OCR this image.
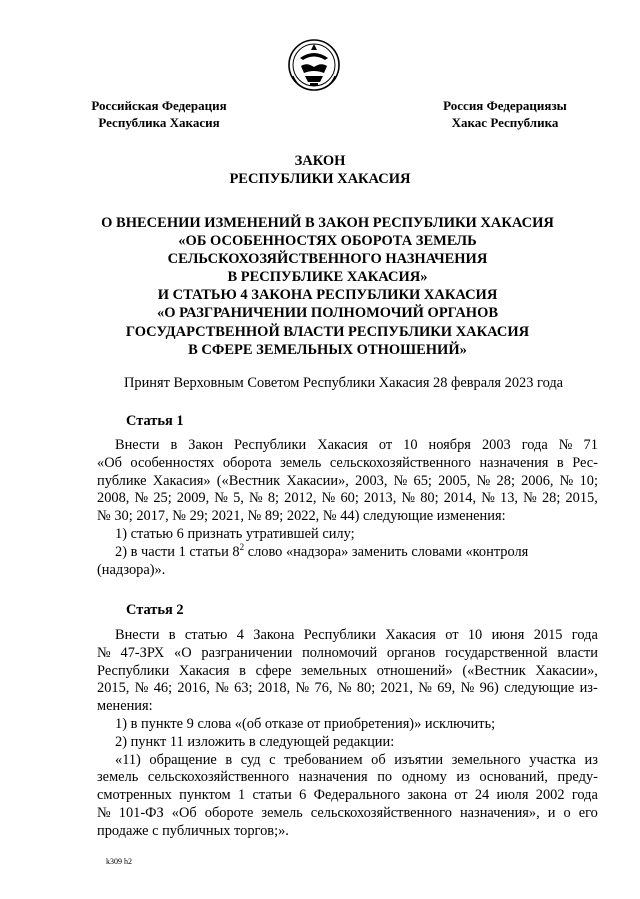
Российская Федерация
Республика Хакасия
Россия Федерациязы
Хакас Республика
ЗАКОН
РЕСПУБЛИКИ ХАКАСИЯ
О ВНЕСЕНИИ ИЗМЕНЕНИЙ В ЗАКОН РЕСПУБЛИКИ ХАКАСИЯ
«ОБ ОСОБЕННОСТЯХ ОБОРОТА ЗЕМЕЛЬ
СЕЛЬСКОХОЗЯЙСТВЕННОГО НАЗНАЧЕНИЯ
В РЕСПУБЛИКЕ ХАКАСИЯ»
И СТАТЬЮ 4 ЗАКОНА РЕСПУБЛИКИ ХАКАСИЯ
«О РАЗГРАНИЧЕНИИ ПОЛНОМОЧИЙ ОРГАНОВ
ГОСУДАРСТВЕННОЙ ВЛАСТИ РЕСПУБЛИКИ ХАКАСИЯ
В СФЕРЕ ЗЕМЕЛЬНЫХ ОТНОШЕНИЙ»
Принят Верховным Советом Республики Хакасия 28 февраля 2023 года
Статья 1
Внести в Закон Республики Хакасия от 10 ноября 2003 года № 71
«Об особенностях оборота земель сельскохозяйственного назначения в Рес-
публике Хакасия» («Вестник Хакасии», 2003, № 65; 2005, № 28; 2006, № 10;
2008, № 25; 2009, № 5, № 8; 2012, № 60; 2013, № 80; 2014, № 13, № 28; 2015,
№ 30; 2017, № 29; 2021, № 89; 2022, № 44) следующие изменения:
1) статью 6 признать утратившей силу;
2) в части 1 статьи $8^2$ слово «надзора» заменить словами «контроля
(надзора)».
Статья 2
Внести в статью 4 Закона Республики Хакасия от 10 июня 2015 года
№ 47-ЗРХ «О разграничении полномочий органов государственной власти
Республики Хакасия в сфере земельных отношений» («Вестник Хакасии»,
2015, № 46; 2016, № 63; 2018, № 76, № 80; 2021, № 69, № 96) следующие из-
менения:
1) в пункте 9 слова «(об отказе от приобретения)» исключить;
2) пункт 11 изложить в следующей редакции:
«11) обращение в суд с требованием об изъятии земельного участка из
земель сельскохозяйственного назначения по одному из оснований, преду-
смотренных пунктом 1 статьи 6 Федерального закона от 24 июля 2002 года
№ 101-ФЗ «Об обороте земель сельскохозяйственного назначения», и о его
продаже с публичных торгов;».
k309 h2
